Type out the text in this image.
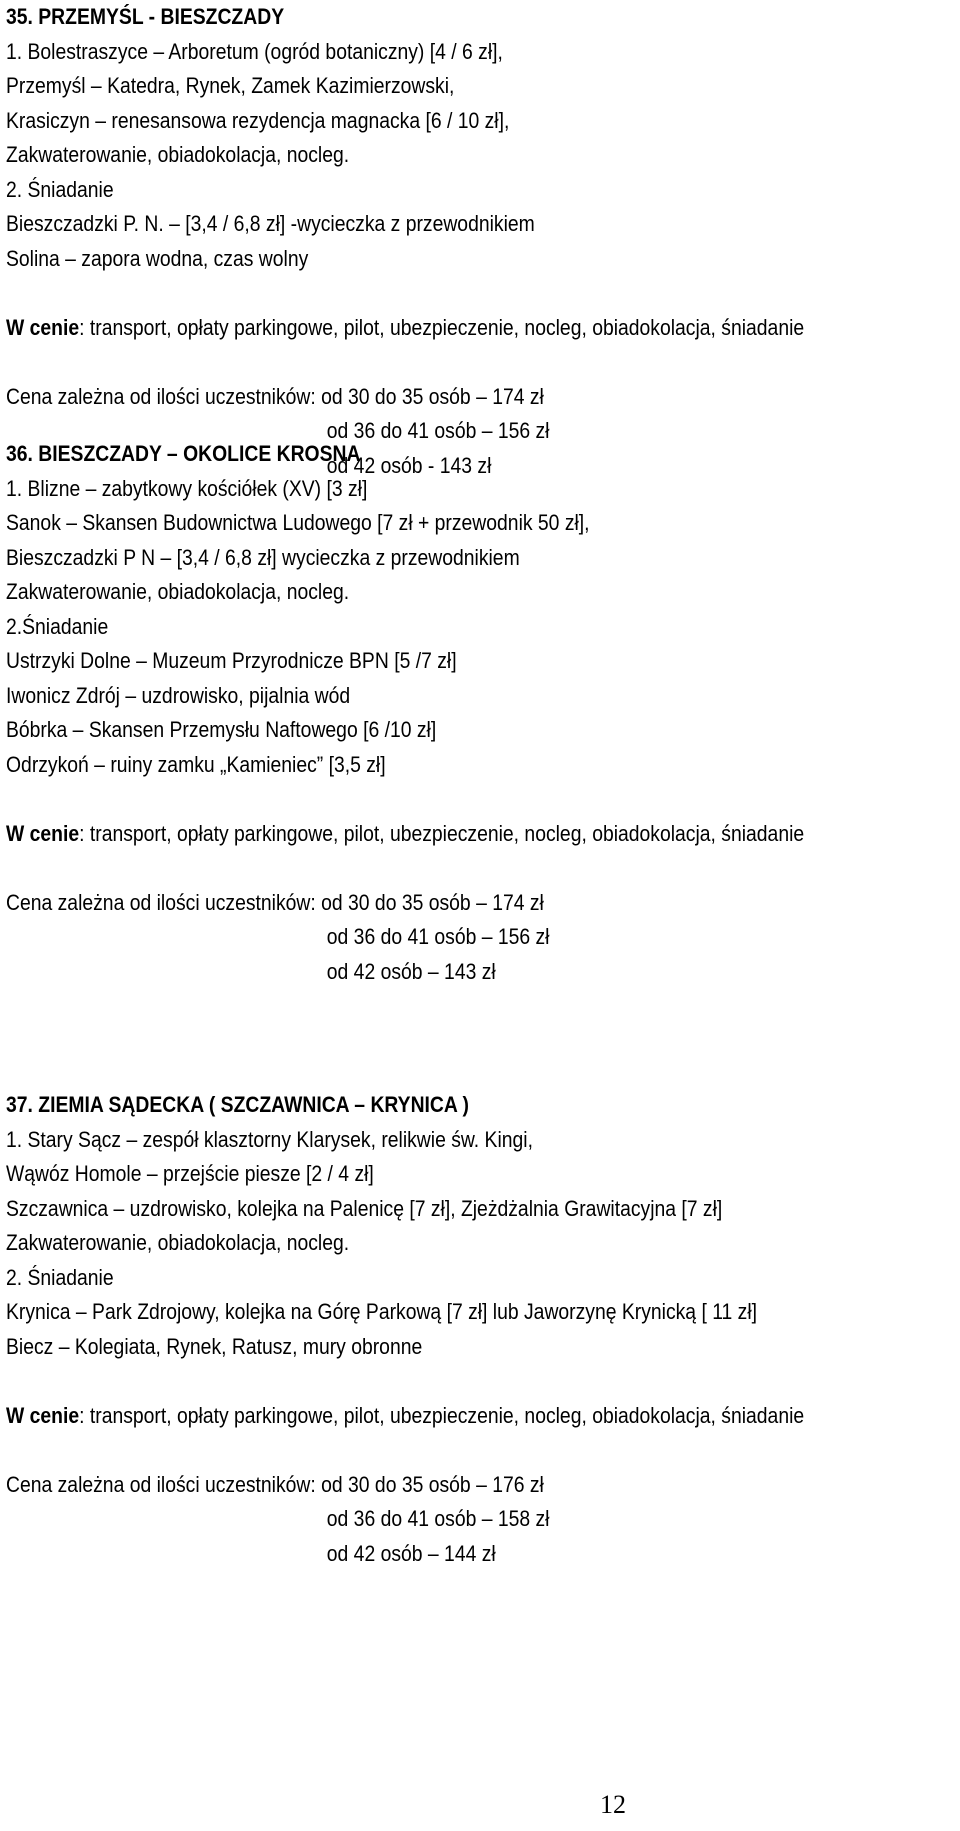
35. PRZEMYŚL - BIESZCZADY
1. Bolestraszyce – Arboretum (ogród botaniczny) [4 / 6 zł],
Przemyśl – Katedra, Rynek, Zamek Kazimierzowski,
Krasiczyn – renesansowa rezydencja magnacka [6 / 10 zł],
Zakwaterowanie, obiadokolacja, nocleg.
2. Śniadanie
Bieszczadzki P. N. – [3,4 / 6,8 zł] -wycieczka z przewodnikiem
Solina – zapora wodna, czas wolny
W cenie: transport, opłaty parkingowe, pilot, ubezpieczenie, nocleg, obiadokolacja, śniadanie
Cena zależna od ilości uczestników: od 30 do 35 osób – 174 zł
od 36 do 41 osób – 156 zł
od 42 osób - 143 zł
36. BIESZCZADY – OKOLICE KROSNA
1. Blizne – zabytkowy kościółek (XV) [3 zł]
Sanok – Skansen Budownictwa Ludowego [7 zł + przewodnik 50 zł],
Bieszczadzki P N – [3,4 / 6,8 zł] wycieczka z przewodnikiem
Zakwaterowanie, obiadokolacja, nocleg.
2.Śniadanie
Ustrzyki Dolne – Muzeum Przyrodnicze BPN [5 /7 zł]
Iwonicz Zdrój – uzdrowisko, pijalnia wód
Bóbrka – Skansen Przemysłu Naftowego [6 /10 zł]
Odrzykoń – ruiny zamku „Kamieniec” [3,5 zł]
W cenie: transport, opłaty parkingowe, pilot, ubezpieczenie, nocleg, obiadokolacja, śniadanie
Cena zależna od ilości uczestników: od 30 do 35 osób – 174 zł
od 36 do 41 osób – 156 zł
od 42 osób – 143 zł
37. ZIEMIA SĄDECKA ( SZCZAWNICA – KRYNICA )
1. Stary Sącz – zespół klasztorny Klarysek, relikwie św. Kingi,
Wąwóz Homole – przejście piesze [2 / 4 zł]
Szczawnica – uzdrowisko, kolejka na Palenicę [7 zł], Zjeżdżalnia Grawitacyjna [7 zł]
Zakwaterowanie, obiadokolacja, nocleg.
2. Śniadanie
Krynica – Park Zdrojowy, kolejka na Górę Parkową [7 zł] lub Jaworzynę Krynicką [ 11 zł]
Biecz – Kolegiata, Rynek, Ratusz, mury obronne
W cenie: transport, opłaty parkingowe, pilot, ubezpieczenie, nocleg, obiadokolacja, śniadanie
Cena zależna od ilości uczestników: od 30 do 35 osób – 176 zł
od 36 do 41 osób – 158 zł
od 42 osób – 144 zł
12
